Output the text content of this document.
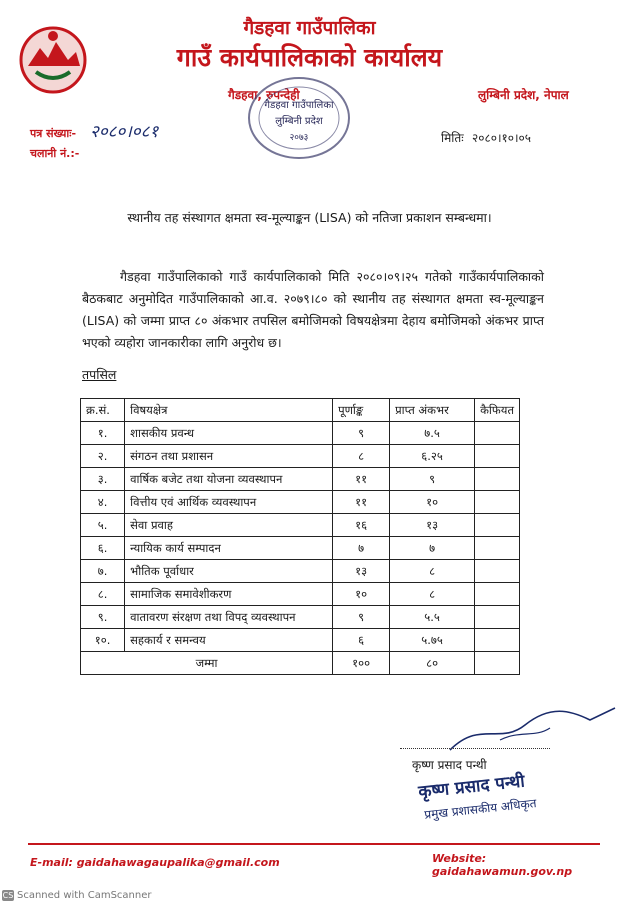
गैडहवा गाउँपालिका
गाउँ कार्यपालिकाको कार्यालय
गैडहवा, रुपन्देही	लुम्बिनी प्रदेश, नेपाल
गैडहवा गाउँपालिका
लुम्बिनी प्रदेश
२०७३
पत्र संख्याः- २०८०।०८१
चलानी नं.:-
मितिः २०८०।१०।०५
स्थानीय तह संस्थागत क्षमता स्व-मूल्याङ्कन (LISA) को नतिजा प्रकाशन सम्बन्धमा।
गैडहवा गाउँपालिकाको गाउँ कार्यपालिकाको मिति २०८०।०९।२५ गतेको गाउँकार्यपालिकाको बैठकबाट अनुमोदित गाउँपालिकाको आ.व. २०७९।८० को स्थानीय तह संस्थागत क्षमता स्व-मूल्याङ्कन (LISA) को जम्मा प्राप्त ८० अंकभार तपसिल बमोजिमको विषयक्षेत्रमा देहाय बमोजिमको अंकभर प्राप्त भएको व्यहोरा जानकारीका लागि अनुरोध छ।
तपसिल
क्र.सं.	विषयक्षेत्र	पूर्णाङ्क	प्राप्त अंकभर	कैफियत
१.	शासकीय प्रवन्ध	९	७.५	
२.	संगठन तथा प्रशासन	८	६.२५	
३.	वार्षिक बजेट तथा योजना व्यवस्थापन	११	९	
४.	वित्तीय एवं आर्थिक व्यवस्थापन	११	१०	
५.	सेवा प्रवाह	१६	१३	
६.	न्यायिक कार्य सम्पादन	७	७	
७.	भौतिक पूर्वाधार	१३	८	
८.	सामाजिक समावेशीकरण	१०	८	
९.	वातावरण संरक्षण तथा विपद् व्यवस्थापन	९	५.५	
१०.	सहकार्य र समन्वय	६	५.७५	
जम्मा		१००	८०	
कृष्ण प्रसाद पन्थी
कृष्ण प्रसाद पन्थी
प्रमुख प्रशासकीय अधिकृत
E-mail: gaidahawagaupalika@gmail.com	Website: gaidahawamun.gov.np
CS Scanned with CamScanner
